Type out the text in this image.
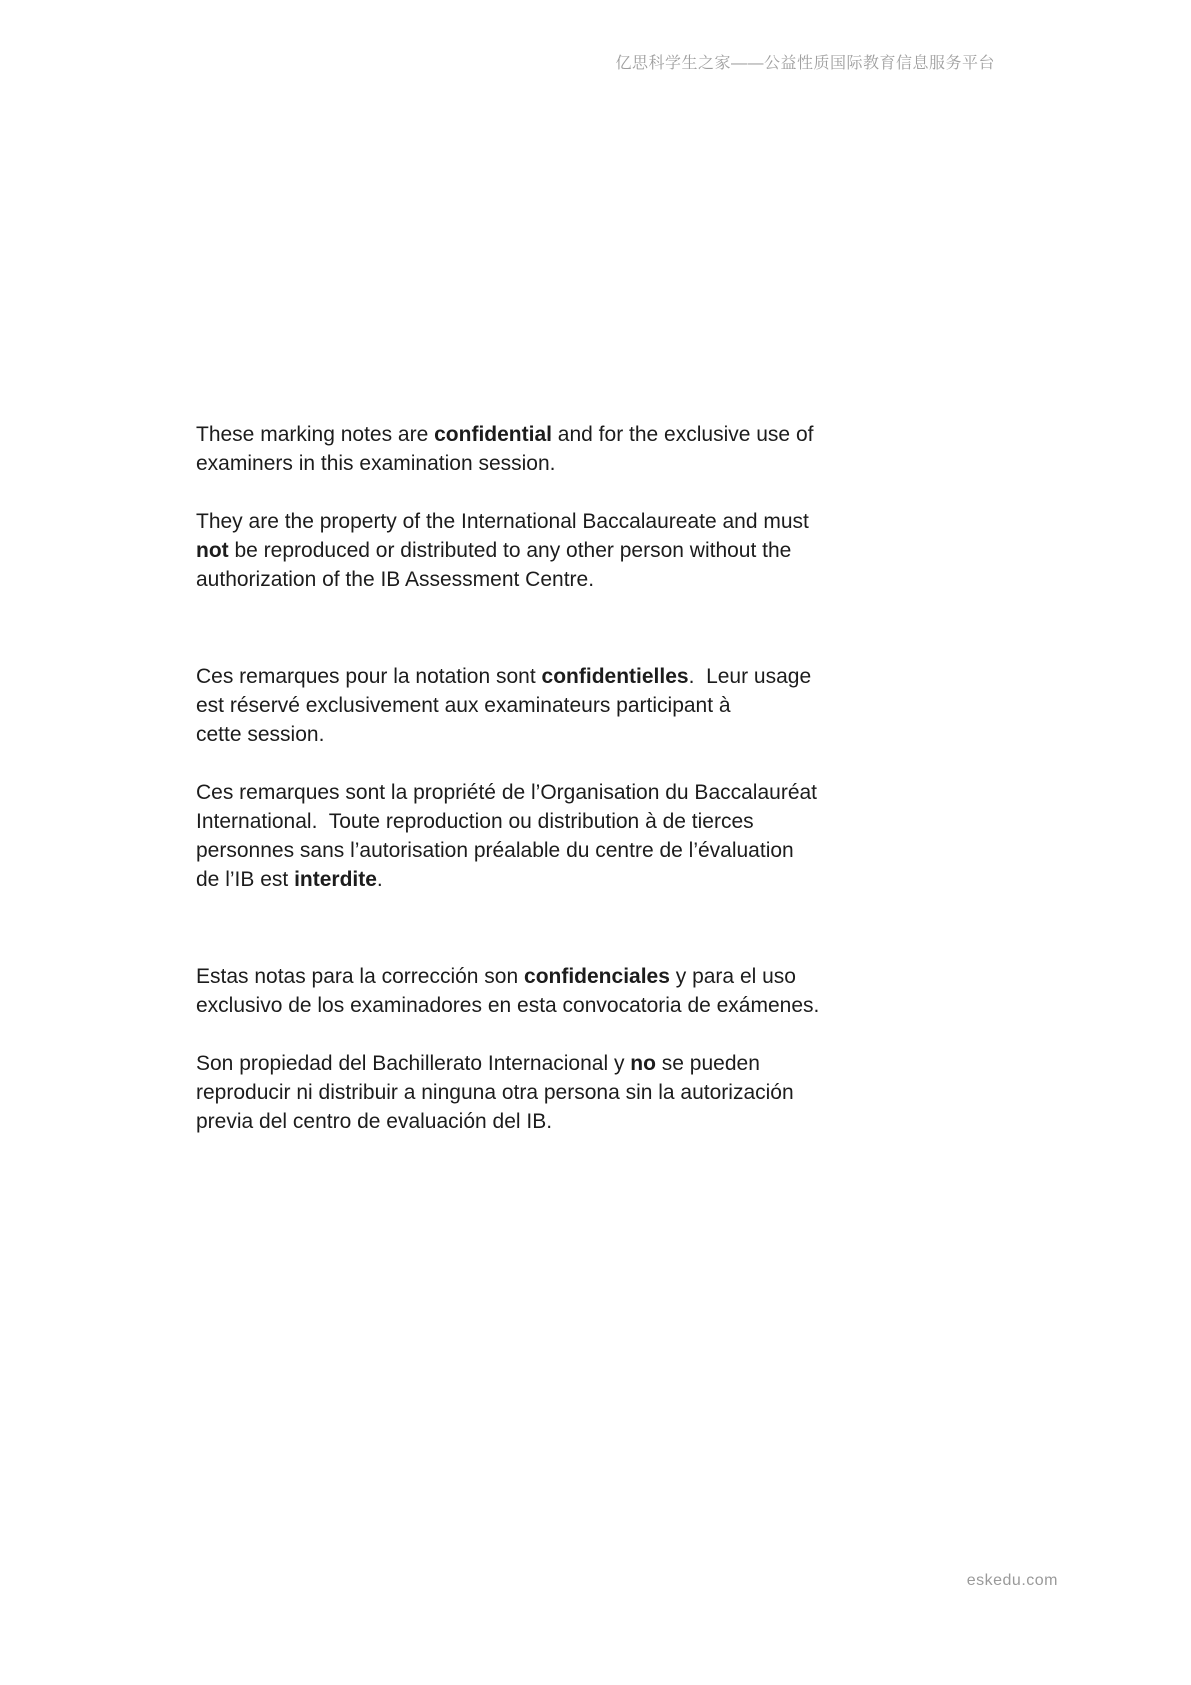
亿思科学生之家——公益性质国际教育信息服务平台

These marking notes are confidential and for the exclusive use of
examiners in this examination session.

They are the property of the International Baccalaureate and must
not be reproduced or distributed to any other person without the
authorization of the IB Assessment Centre.

Ces remarques pour la notation sont confidentielles.  Leur usage
est réservé exclusivement aux examinateurs participant à
cette session.

Ces remarques sont la propriété de l’Organisation du Baccalauréat
International.  Toute reproduction ou distribution à de tierces
personnes sans l’autorisation préalable du centre de l’évaluation
de l’IB est interdite.

Estas notas para la corrección son confidenciales y para el uso
exclusivo de los examinadores en esta convocatoria de exámenes.

Son propiedad del Bachillerato Internacional y no se pueden
reproducir ni distribuir a ninguna otra persona sin la autorización
previa del centro de evaluación del IB.

eskedu.com
